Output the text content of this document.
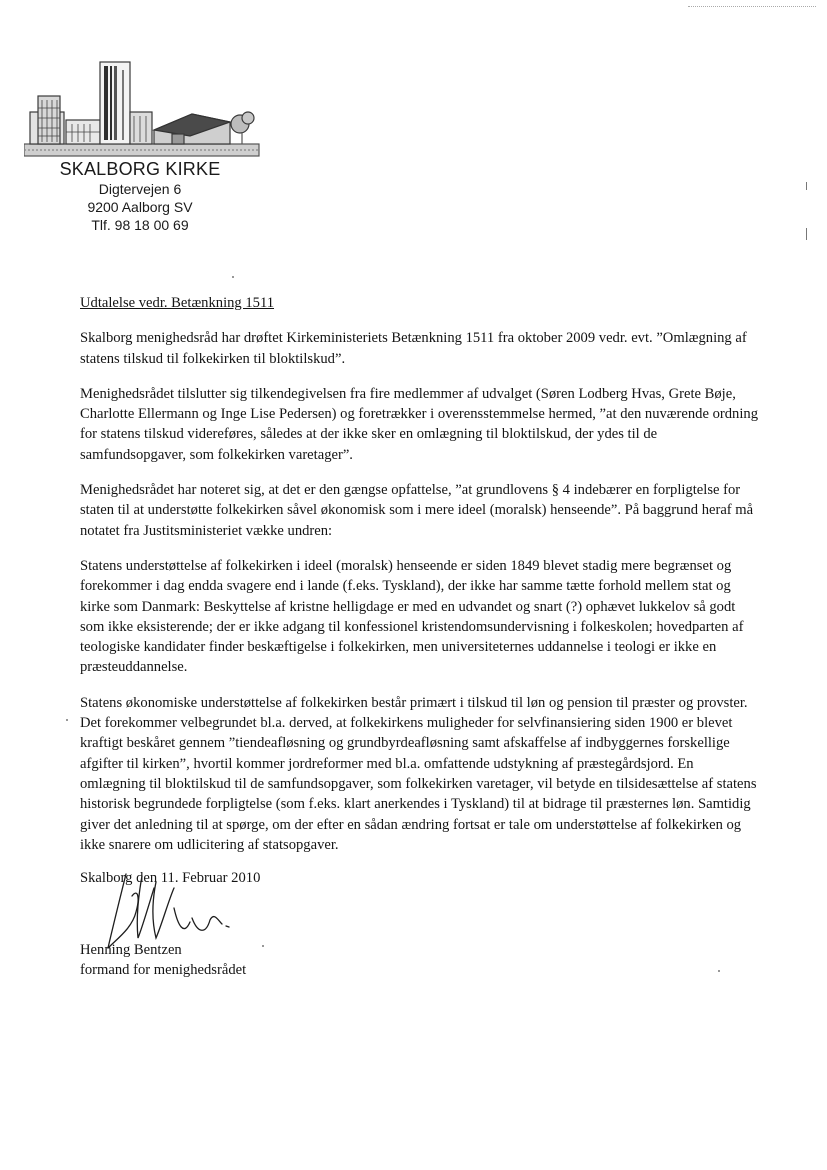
SKALBORG KIRKE
Digtervejen 6
9200 Aalborg SV
Tlf. 98 18 00 69

Udtalelse vedr. Betænkning 1511

Skalborg menighedsråd har drøftet Kirkeministeriets Betænkning 1511 fra oktober 2009 vedr. evt. ”Omlægning af statens tilskud til folkekirken til bloktilskud”.

Menighedsrådet tilslutter sig tilkendegivelsen fra fire medlemmer af udvalget (Søren Lodberg Hvas, Grete Bøje, Charlotte Ellermann og Inge Lise Pedersen) og foretrækker i overensstemmelse hermed, ”at den nuværende ordning for statens tilskud videreføres, således at der ikke sker en omlægning til bloktilskud, der ydes til de samfundsopgaver, som folkekirken varetager”.

Menighedsrådet har noteret sig, at det er den gængse opfattelse, ”at grundlovens § 4 indebærer en forpligtelse for staten til at understøtte folkekirken såvel økonomisk som i mere ideel (moralsk) henseende”. På baggrund heraf må notatet fra Justitsministeriet vække undren:

Statens understøttelse af folkekirken i ideel (moralsk) henseende er siden 1849 blevet stadig mere begrænset og forekommer i dag endda svagere end i lande (f.eks. Tyskland), der ikke har samme tætte forhold mellem stat og kirke som Danmark: Beskyttelse af kristne helligdage er med en udvandet og snart (?) ophævet lukkelov så godt som ikke eksisterende; der er ikke adgang til konfessionel kristendomsundervisning i folkeskolen; hovedparten af teologiske kandidater finder beskæftigelse i folkekirken, men universiteternes uddannelse i teologi er ikke en præsteuddannelse.

Statens økonomiske understøttelse af folkekirken består primært i tilskud til løn og pension til præster og provster. Det forekommer velbegrundet bl.a. derved, at folkekirkens muligheder for selvfinansiering siden 1900 er blevet kraftigt beskåret gennem ”tiendeafløsning og grundbyrdeafløsning samt afskaffelse af indbyggernes forskellige afgifter til kirken”, hvortil kommer jordreformer med bl.a. omfattende udstykning af præstegårdsjord. En omlægning til bloktilskud til de samfundsopgaver, som folkekirken varetager, vil betyde en tilsidesættelse af statens historisk begrundede forpligtelse (som f.eks. klart anerkendes i Tyskland) til at bidrage til præsternes løn. Samtidig giver det anledning til at spørge, om der efter en sådan ændring fortsat er tale om understøttelse af folkekirken og ikke snarere om udlicitering af statsopgaver.

Skalborg den 11. Februar 2010
Henning Bentzen
formand for menighedsrådet
